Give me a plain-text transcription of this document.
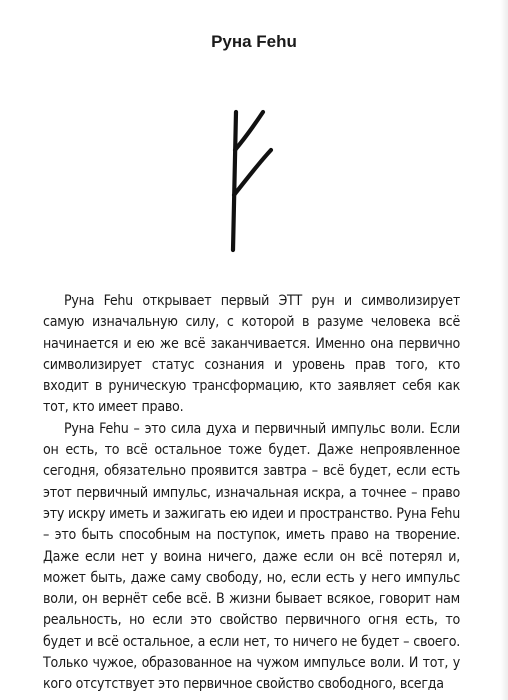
Руна Fehu

Руна Fehu открывает первый ЭТТ рун и символизирует самую изначальную силу, с которой в разуме человека всё начинается и ею же всё заканчивается. Именно она первично символизирует статус сознания и уровень прав того, кто входит в руническую трансформацию, кто заявляет себя как тот, кто имеет право.

Руна Fehu – это сила духа и первичный импульс воли. Если он есть, то всё остальное тоже будет. Даже непроявленное сегодня, обязательно проявится завтра – всё будет, если есть этот первичный импульс, изначальная искра, а точнее – право эту искру иметь и зажигать ею идеи и пространство. Руна Fehu – это быть способным на поступок, иметь право на творение. Даже если нет у воина ничего, даже если он всё потерял и, может быть, даже саму свободу, но, если есть у него импульс воли, он вернёт себе всё. В жизни бывает всякое, говорит нам реальность, но если это свойство первичного огня есть, то будет и всё остальное, а если нет, то ничего не будет – своего. Только чужое, образованное на чужом импульсе воли. И тот, у кого отсутствует это первичное свойство свободного, всегда
